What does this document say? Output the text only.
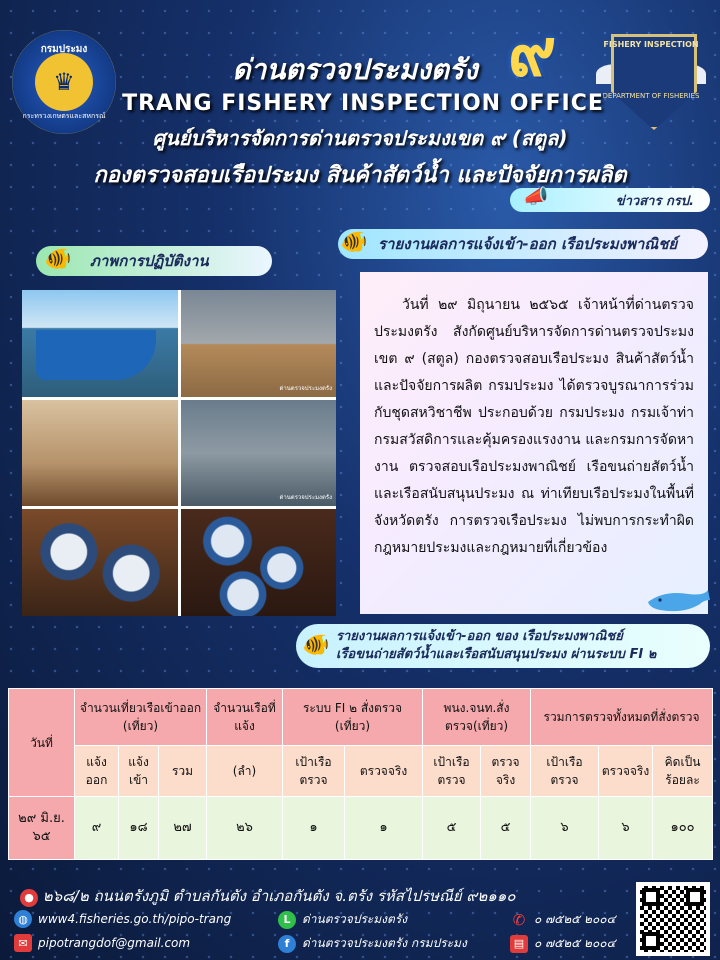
กรมประมง
♛
กระทรวงเกษตรและสหกรณ์
๙	FISHERY INSPECTION
DEPARTMENT OF FISHERIES
ด่านตรวจประมงตรัง
TRANG FISHERY INSPECTION OFFICE
ศูนย์บริหารจัดการด่านตรวจประมงเขต ๙ (สตูล)
กองตรวจสอบเรือประมง สินค้าสัตว์น้ำ และปัจจัยการผลิต
📣	ข่าวสาร กรป.
ภาพการปฏิบัติงาน
🐠
รายงานผลการแจ้งเข้า-ออก เรือประมงพาณิชย์
🐠
ด่านตรวจประมงตรัง
ด่านตรวจประมงตรัง
วันที่ ๒๙ มิถุนายน ๒๕๖๕ เจ้าหน้าที่ด่านตรวจประมงตรัง สังกัดศูนย์บริหารจัดการด่านตรวจประมง เขต ๙ (สตูล) กองตรวจสอบเรือประมง สินค้าสัตว์น้ำ และปัจจัยการผลิต กรมประมง ได้ตรวจบูรณาการร่วมกับชุดสหวิชาชีพ ประกอบด้วย กรมประมง กรมเจ้าท่า กรมสวัสดิการและคุ้มครองแรงงาน และกรมการจัดหางาน ตรวจสอบเรือประมงพาณิชย์ เรือขนถ่ายสัตว์น้ำและเรือสนับสนุนประมง ณ ท่าเทียบเรือประมงในพื้นที่จังหวัดตรัง การตรวจเรือประมง ไม่พบการกระทำผิดกฎหมายประมงและกฎหมายที่เกี่ยวข้อง
รายงานผลการแจ้งเข้า-ออก ของ เรือประมงพาณิชย์
เรือขนถ่ายสัตว์น้ำและเรือสนับสนุนประมง ผ่านระบบ FI ๒
🐠
วันที่	จำนวนเที่ยวเรือเข้าออก (เที่ยว)			จำนวนเรือที่แจ้ง	ระบบ FI ๒ สั่งตรวจ (เที่ยว)		พนง.จนท.สั่งตรวจ(เที่ยว)		รวมการตรวจทั้งหมดที่สั่งตรวจ		
	แจ้งออก	แจ้งเข้า	รวม	(ลำ)	เป้าเรือตรวจ	ตรวจจริง	เป้าเรือตรวจ	ตรวจจริง	เป้าเรือตรวจ	ตรวจจริง	คิดเป็นร้อยละ
๒๙ มิ.ย. ๖๕	๙	๑๘	๒๗	๒๖	๑	๑	๕	๕	๖	๖	๑๐๐
● ๒๖๘/๒ ถนนตรังภูมิ ตำบลกันตัง อำเภอกันตัง จ.ตรัง รหัสไปรษณีย์ ๙๒๑๑๐
◍ www4.fisheries.go.th/pipo-trang	L ด่านตรวจประมงตรัง	✆ ๐ ๗๕๒๕ ๒๐๐๔
✉ pipotrangdof@gmail.com	f	ด่านตรวจประมงตรัง กรมประมง	▤ ๐ ๗๕๒๕ ๒๐๐๔
